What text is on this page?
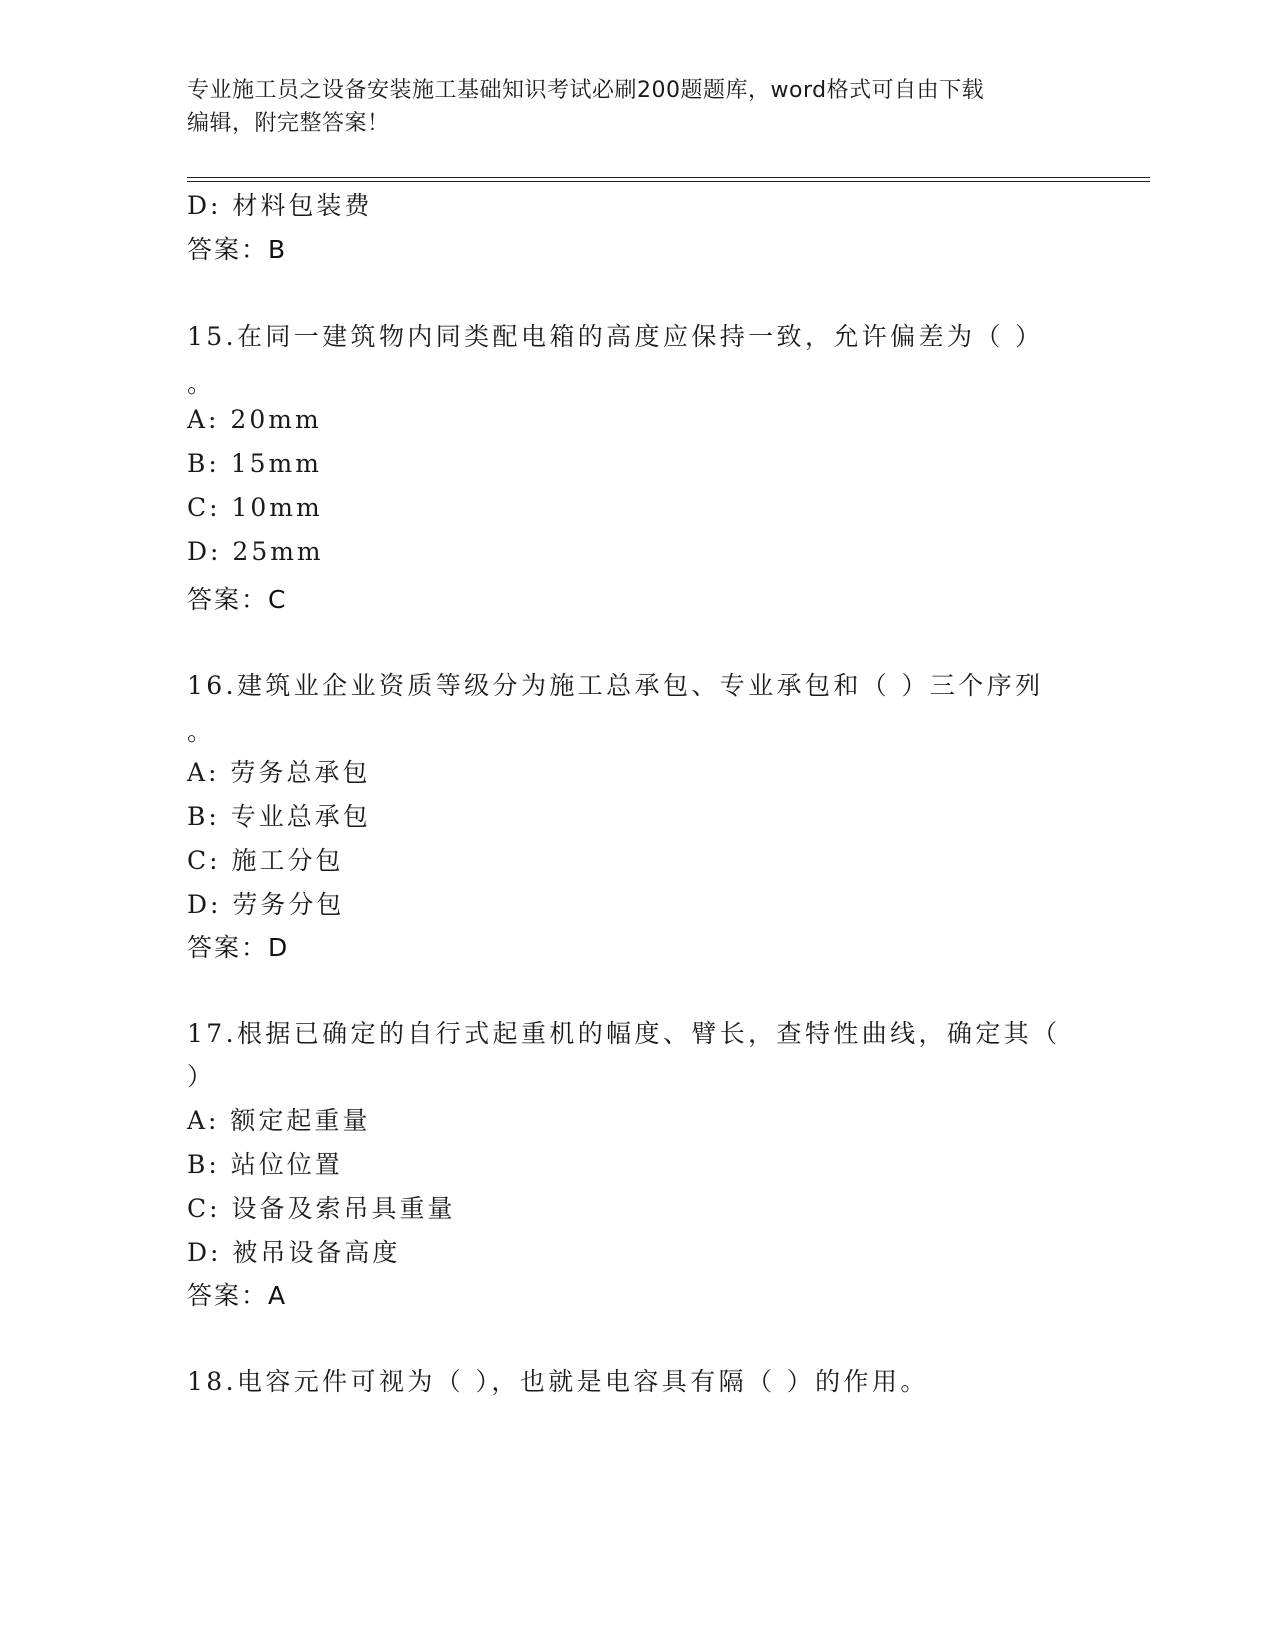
专业施工员之设备安装施工基础知识考试必刷200题题库，word格式可自由下载
编辑，附完整答案！
D: 材料包装费
答案：B
15.在同一建筑物内同类配电箱的高度应保持一致，允许偏差为（ ）
。
A: 20mm
B: 15mm
C: 10mm
D: 25mm
答案：C
16.建筑业企业资质等级分为施工总承包、专业承包和（ ）三个序列
。
A: 劳务总承包
B: 专业总承包
C: 施工分包
D: 劳务分包
答案：D
17.根据已确定的自行式起重机的幅度、臂长，查特性曲线，确定其（
）
A: 额定起重量
B: 站位位置
C: 设备及索吊具重量
D: 被吊设备高度
答案：A
18.电容元件可视为（ ），也就是电容具有隔（ ）的作用。
